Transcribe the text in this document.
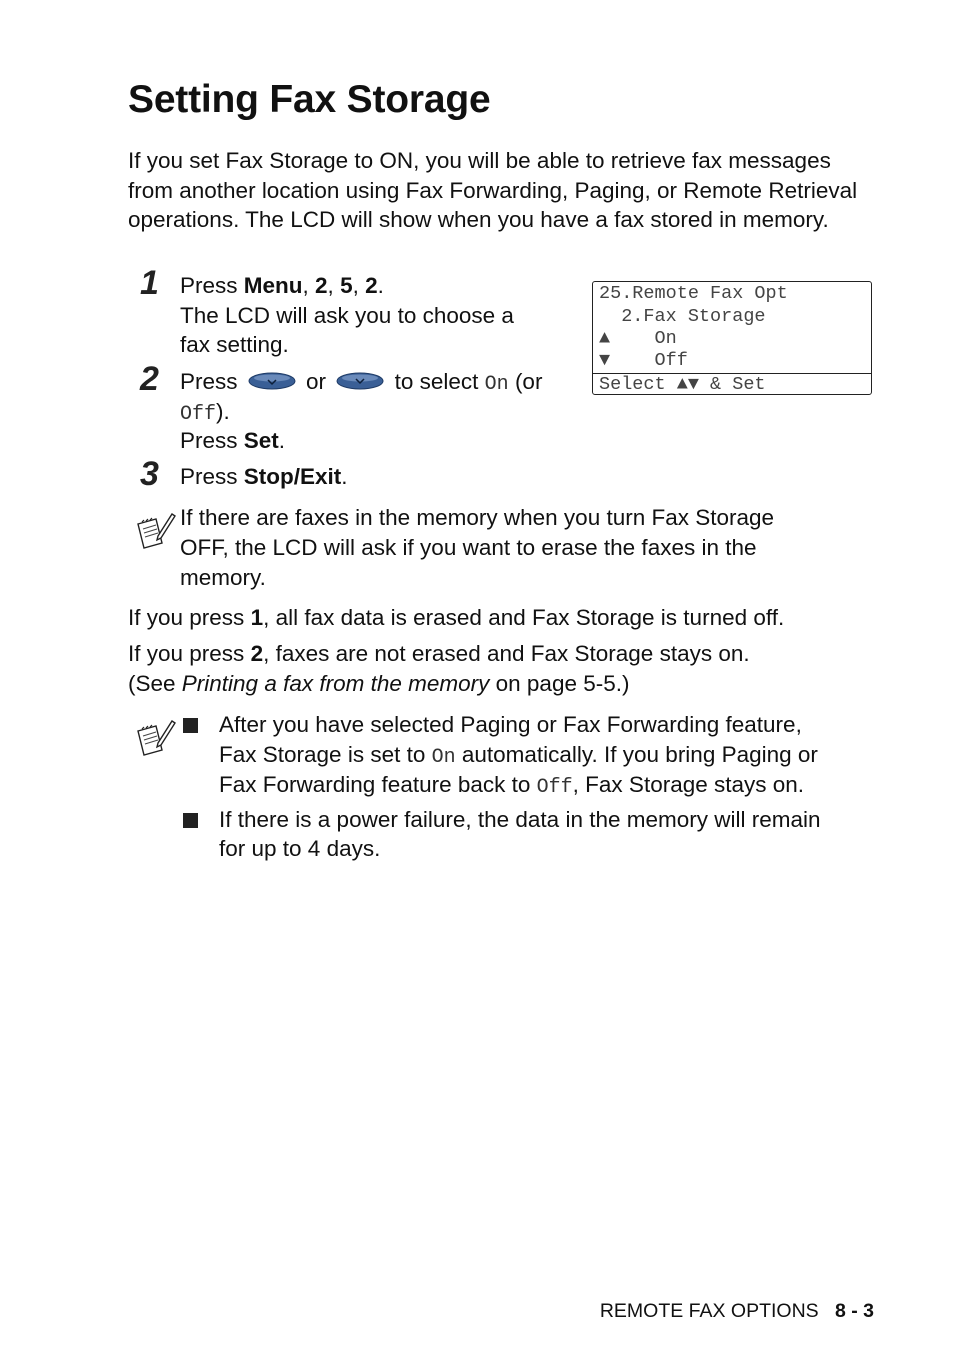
Setting Fax Storage
If you set Fax Storage to ON, you will be able to retrieve fax messages from another location using Fax Forwarding, Paging, or Remote Retrieval operations. The LCD will show when you have a fax stored in memory.
1 Press Menu, 2, 5, 2.
The LCD will ask you to choose a
fax setting.
2 Press	or	to select On (or
Off).
Press Set.
3 Press Stop/Exit.
25.Remote Fax Opt
2.Fax Storage
▲    On
▼    Off
Select ▲▼ & Set
If there are faxes in the memory when you turn Fax Storage
OFF, the LCD will ask if you want to erase the faxes in the
memory.
If you press 1, all fax data is erased and Fax Storage is turned off.
If you press 2, faxes are not erased and Fax Storage stays on.
(See Printing a fax from the memory on page 5-5.)
After you have selected Paging or Fax Forwarding feature,
Fax Storage is set to On automatically. If you bring Paging or
Fax Forwarding feature back to Off, Fax Storage stays on.
If there is a power failure, the data in the memory will remain
for up to 4 days.
REMOTE FAX OPTIONS 8 - 3
